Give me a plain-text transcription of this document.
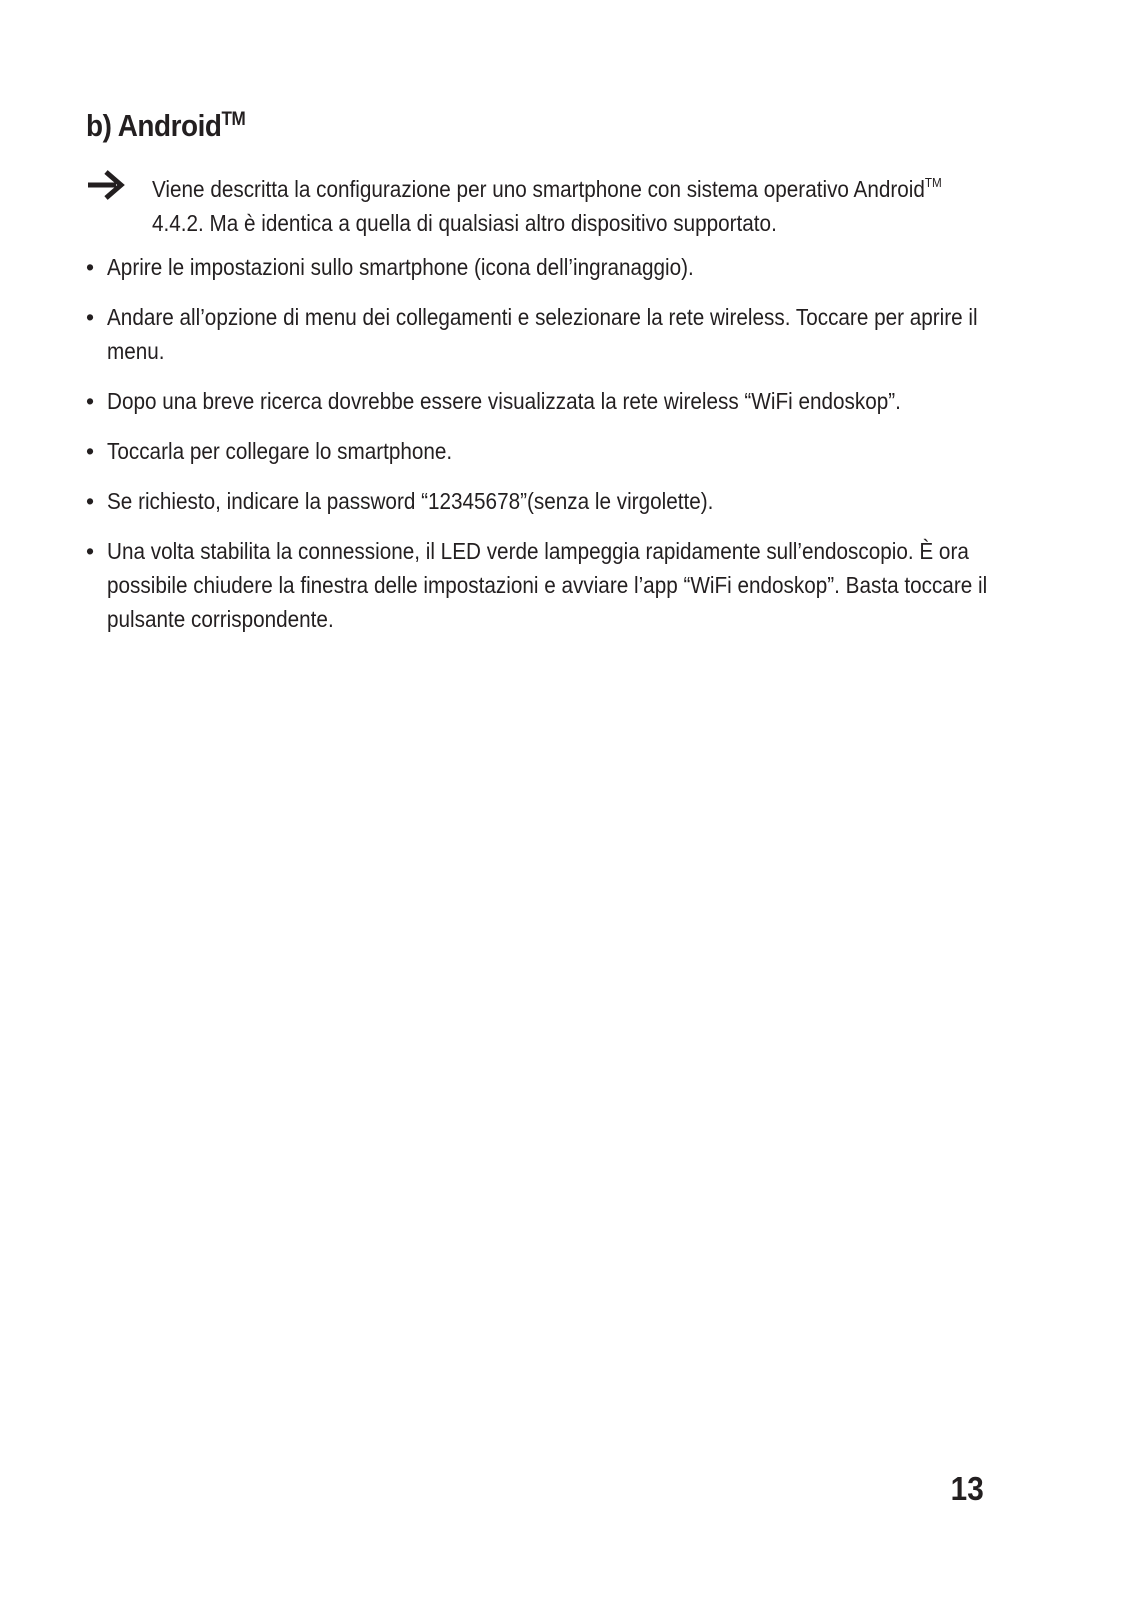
b) Android™
Viene descritta la configurazione per uno smartphone con sistema operativo Android™ 4.4.2. Ma è identica a quella di qualsiasi altro dispositivo supportato.
• Aprire le impostazioni sullo smartphone (icona dell’ingranaggio).
• Andare all’opzione di menu dei collegamenti e selezionare la rete wireless. Toccare per aprire il menu.
• Dopo una breve ricerca dovrebbe essere visualizzata la rete wireless “WiFi endoskop”.
• Toccarla per collegare lo smartphone.
• Se richiesto, indicare la password “12345678”(senza le virgolette).
• Una volta stabilita la connessione, il LED verde lampeggia rapidamente sull’endoscopio. È ora possibile chiudere la finestra delle impostazioni e avviare l’app “WiFi endoskop”. Basta toccare il pulsante corrispondente.
13
